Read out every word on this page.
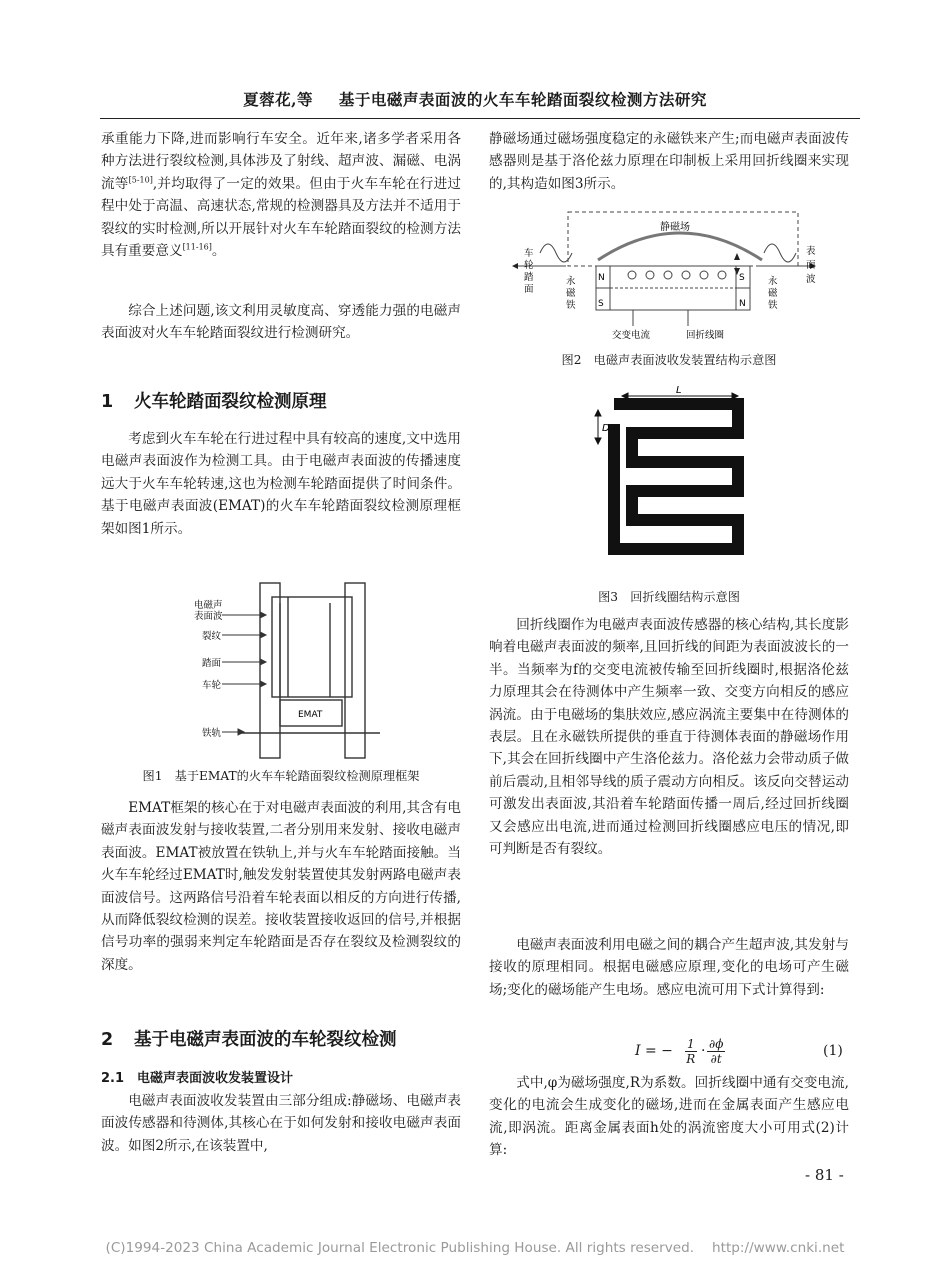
夏蓉花,等 基于电磁声表面波的火车车轮踏面裂纹检测方法研究

承重能力下降,进而影响行车安全。近年来,诸多学者采用各种方法进行裂纹检测,具体涉及了射线、超声波、漏磁、电涡流等[5-10],并均取得了一定的效果。但由于火车车轮在行进过程中处于高温、高速状态,常规的检测器具及方法并不适用于裂纹的实时检测,所以开展针对火车车轮踏面裂纹的检测方法具有重要意义[11-16]。

综合上述问题,该文利用灵敏度高、穿透能力强的电磁声表面波对火车车轮踏面裂纹进行检测研究。

1 火车轮踏面裂纹检测原理

考虑到火车车轮在行进过程中具有较高的速度,文中选用电磁声表面波作为检测工具。由于电磁声表面波的传播速度远大于火车车轮转速,这也为检测车轮踏面提供了时间条件。基于电磁声表面波(EMAT)的火车车轮踏面裂纹检测原理框架如图1所示。

电磁声
表面波
裂纹
踏面
车轮
铁轨
EMAT
图1　基于EMAT的火车车轮踏面裂纹检测原理框架

EMAT框架的核心在于对电磁声表面波的利用,其含有电磁声表面波发射与接收装置,二者分别用来发射、接收电磁声表面波。EMAT被放置在铁轨上,并与火车车轮踏面接触。当火车车轮经过EMAT时,触发发射装置使其发射两路电磁声表面波信号。这两路信号沿着车轮表面以相反的方向进行传播,从而降低裂纹检测的误差。接收装置接收返回的信号,并根据信号功率的强弱来判定车轮踏面是否存在裂纹及检测裂纹的深度。

2 基于电磁声表面波的车轮裂纹检测
2.1　电磁声表面波收发装置设计

电磁声表面波收发装置由三部分组成:静磁场、电磁声表面波传感器和待测体,其核心在于如何发射和接收电磁声表面波。如图2所示,在该装置中,

静磁场通过磁场强度稳定的永磁铁来产生;而电磁声表面波传感器则是基于洛伦兹力原理在印制板上采用回折线圈来实现的,其构造如图3所示。

静磁场
N
S
S
N
车
轮
踏
面
表
面
波
永
磁
铁
永
磁
铁
交变电流	回折线圈
图2　电磁声表面波收发装置结构示意图
L
D
图3　回折线圈结构示意图

回折线圈作为电磁声表面波传感器的核心结构,其长度影响着电磁声表面波的频率,且回折线的间距为表面波波长的一半。当频率为f的交变电流被传输至回折线圈时,根据洛伦兹力原理其会在待测体中产生频率一致、交变方向相反的感应涡流。由于电磁场的集肤效应,感应涡流主要集中在待测体的表层。且在永磁铁所提供的垂直于待测体表面的静磁场作用下,其会在回折线圈中产生洛伦兹力。洛伦兹力会带动质子做前后震动,且相邻导线的质子震动方向相反。该反向交替运动可激发出表面波,其沿着车轮踏面传播一周后,经过回折线圈又会感应出电流,进而通过检测回折线圈感应电压的情况,即可判断是否有裂纹。

电磁声表面波利用电磁之间的耦合产生超声波,其发射与接收的原理相同。根据电磁感应原理,变化的电场可产生磁场;变化的磁场能产生电场。感应电流可用下式计算得到:

I = − $\frac{1}{R} \cdot \frac{\partial\phi}{\partial t}$	(1)

式中,φ为磁场强度,R为系数。回折线圈中通有交变电流,变化的电流会生成变化的磁场,进而在金属表面产生感应电流,即涡流。距离金属表面h处的涡流密度大小可用式(2)计算:

- 81 -
(C)1994-2023 China Academic Journal Electronic Publishing House. All rights reserved.　 http://www.cnki.net
